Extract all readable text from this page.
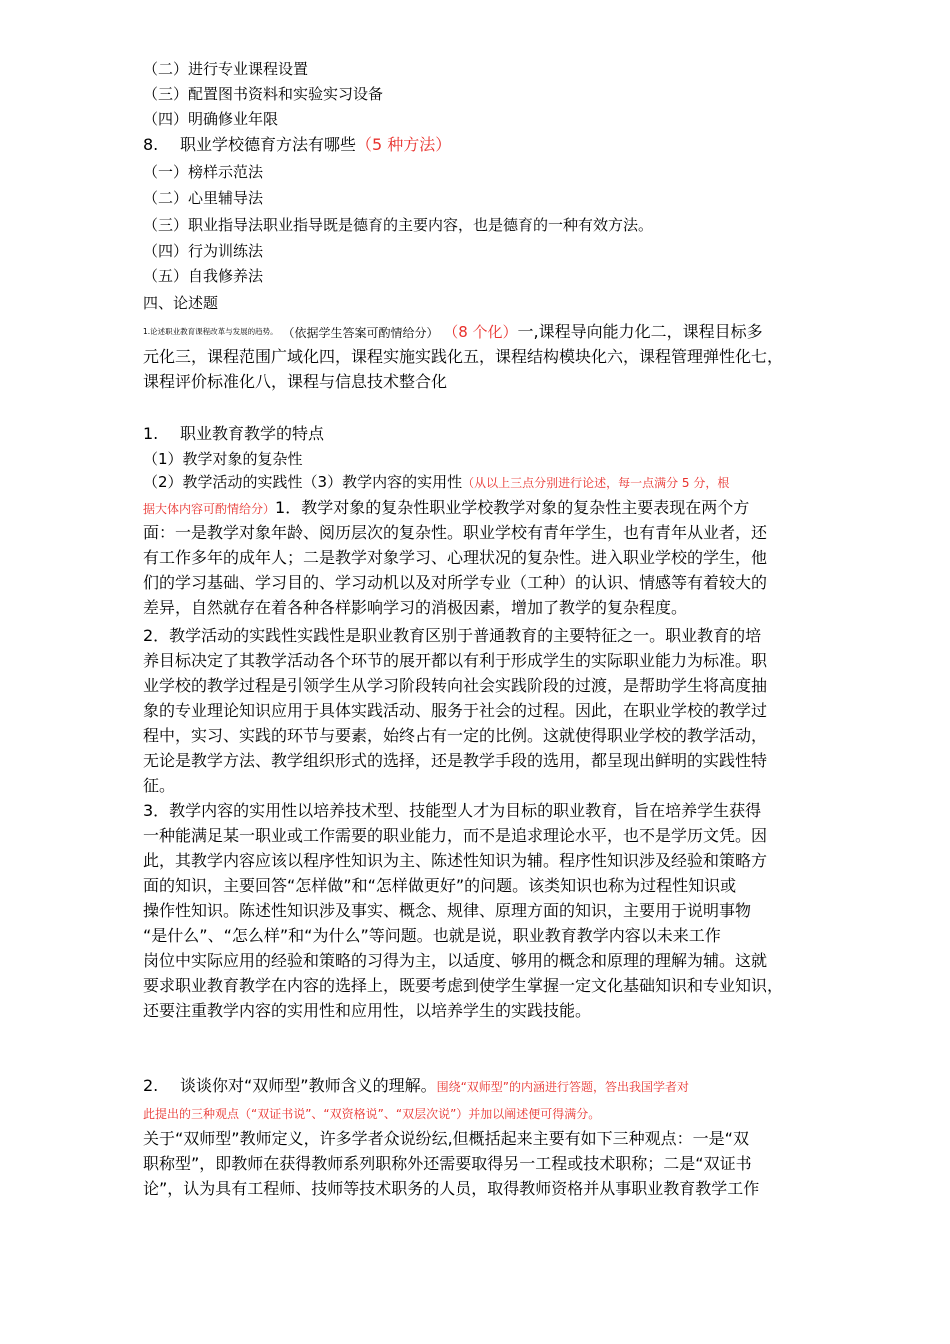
（二）进行专业课程设置
（三）配置图书资料和实验实习设备
（四）明确修业年限
8. 职业学校德育方法有哪些（5 种方法）
（一）榜样示范法
（二）心里辅导法
（三）职业指导法职业指导既是德育的主要内容，也是德育的一种有效方法。
（四）行为训练法
（五）自我修养法
四、论述题
$^{1.论述职业教育课程改革与发展的趋势。}$ （依据学生答案可酌情给分） （8 个化）一,课程导向能力化二，课程目标多
元化三，课程范围广域化四，课程实施实践化五，课程结构模块化六，课程管理弹性化七，
课程评价标准化八，课程与信息技术整合化
1. 职业教育教学的特点
（1）教学对象的复杂性
（2）教学活动的实践性（3）教学内容的实用性（从以上三点分别进行论述，每一点满分 5 分，根
据大体内容可酌情给分）1．教学对象的复杂性职业学校教学对象的复杂性主要表现在两个方
面：一是教学对象年龄、阅历层次的复杂性。职业学校有青年学生，也有青年从业者，还
有工作多年的成年人；二是教学对象学习、心理状况的复杂性。进入职业学校的学生，他
们的学习基础、学习目的、学习动机以及对所学专业（工种）的认识、情感等有着较大的
差异，自然就存在着各种各样影响学习的消极因素，增加了教学的复杂程度。
2．教学活动的实践性实践性是职业教育区别于普通教育的主要特征之一。职业教育的培
养目标决定了其教学活动各个环节的展开都以有利于形成学生的实际职业能力为标准。职
业学校的教学过程是引领学生从学习阶段转向社会实践阶段的过渡，是帮助学生将高度抽
象的专业理论知识应用于具体实践活动、服务于社会的过程。因此，在职业学校的教学过
程中，实习、实践的环节与要素，始终占有一定的比例。这就使得职业学校的教学活动，
无论是教学方法、教学组织形式的选择，还是教学手段的选用，都呈现出鲜明的实践性特
征。
3．教学内容的实用性以培养技术型、技能型人才为目标的职业教育，旨在培养学生获得
一种能满足某一职业或工作需要的职业能力，而不是追求理论水平，也不是学历文凭。因
此，其教学内容应该以程序性知识为主、陈述性知识为辅。程序性知识涉及经验和策略方
面的知识，主要回答“怎样做”和“怎样做更好”的问题。该类知识也称为过程性知识或
操作性知识。陈述性知识涉及事实、概念、规律、原理方面的知识，主要用于说明事物
“是什么”、“怎么样”和“为什么”等问题。也就是说，职业教育教学内容以未来工作
岗位中实际应用的经验和策略的习得为主，以适度、够用的概念和原理的理解为辅。这就
要求职业教育教学在内容的选择上，既要考虑到使学生掌握一定文化基础知识和专业知识，
还要注重教学内容的实用性和应用性，以培养学生的实践技能。
2. 谈谈你对“双师型”教师含义的理解。围绕“双师型”的内涵进行答题，答出我国学者对
此提出的三种观点（“双证书说”、“双资格说”、“双层次说”）并加以阐述便可得满分。
关于“双师型”教师定义，许多学者众说纷纭,但概括起来主要有如下三种观点：一是“双
职称型”，即教师在获得教师系列职称外还需要取得另一工程或技术职称；二是“双证书
论”，认为具有工程师、技师等技术职务的人员，取得教师资格并从事职业教育教学工作
